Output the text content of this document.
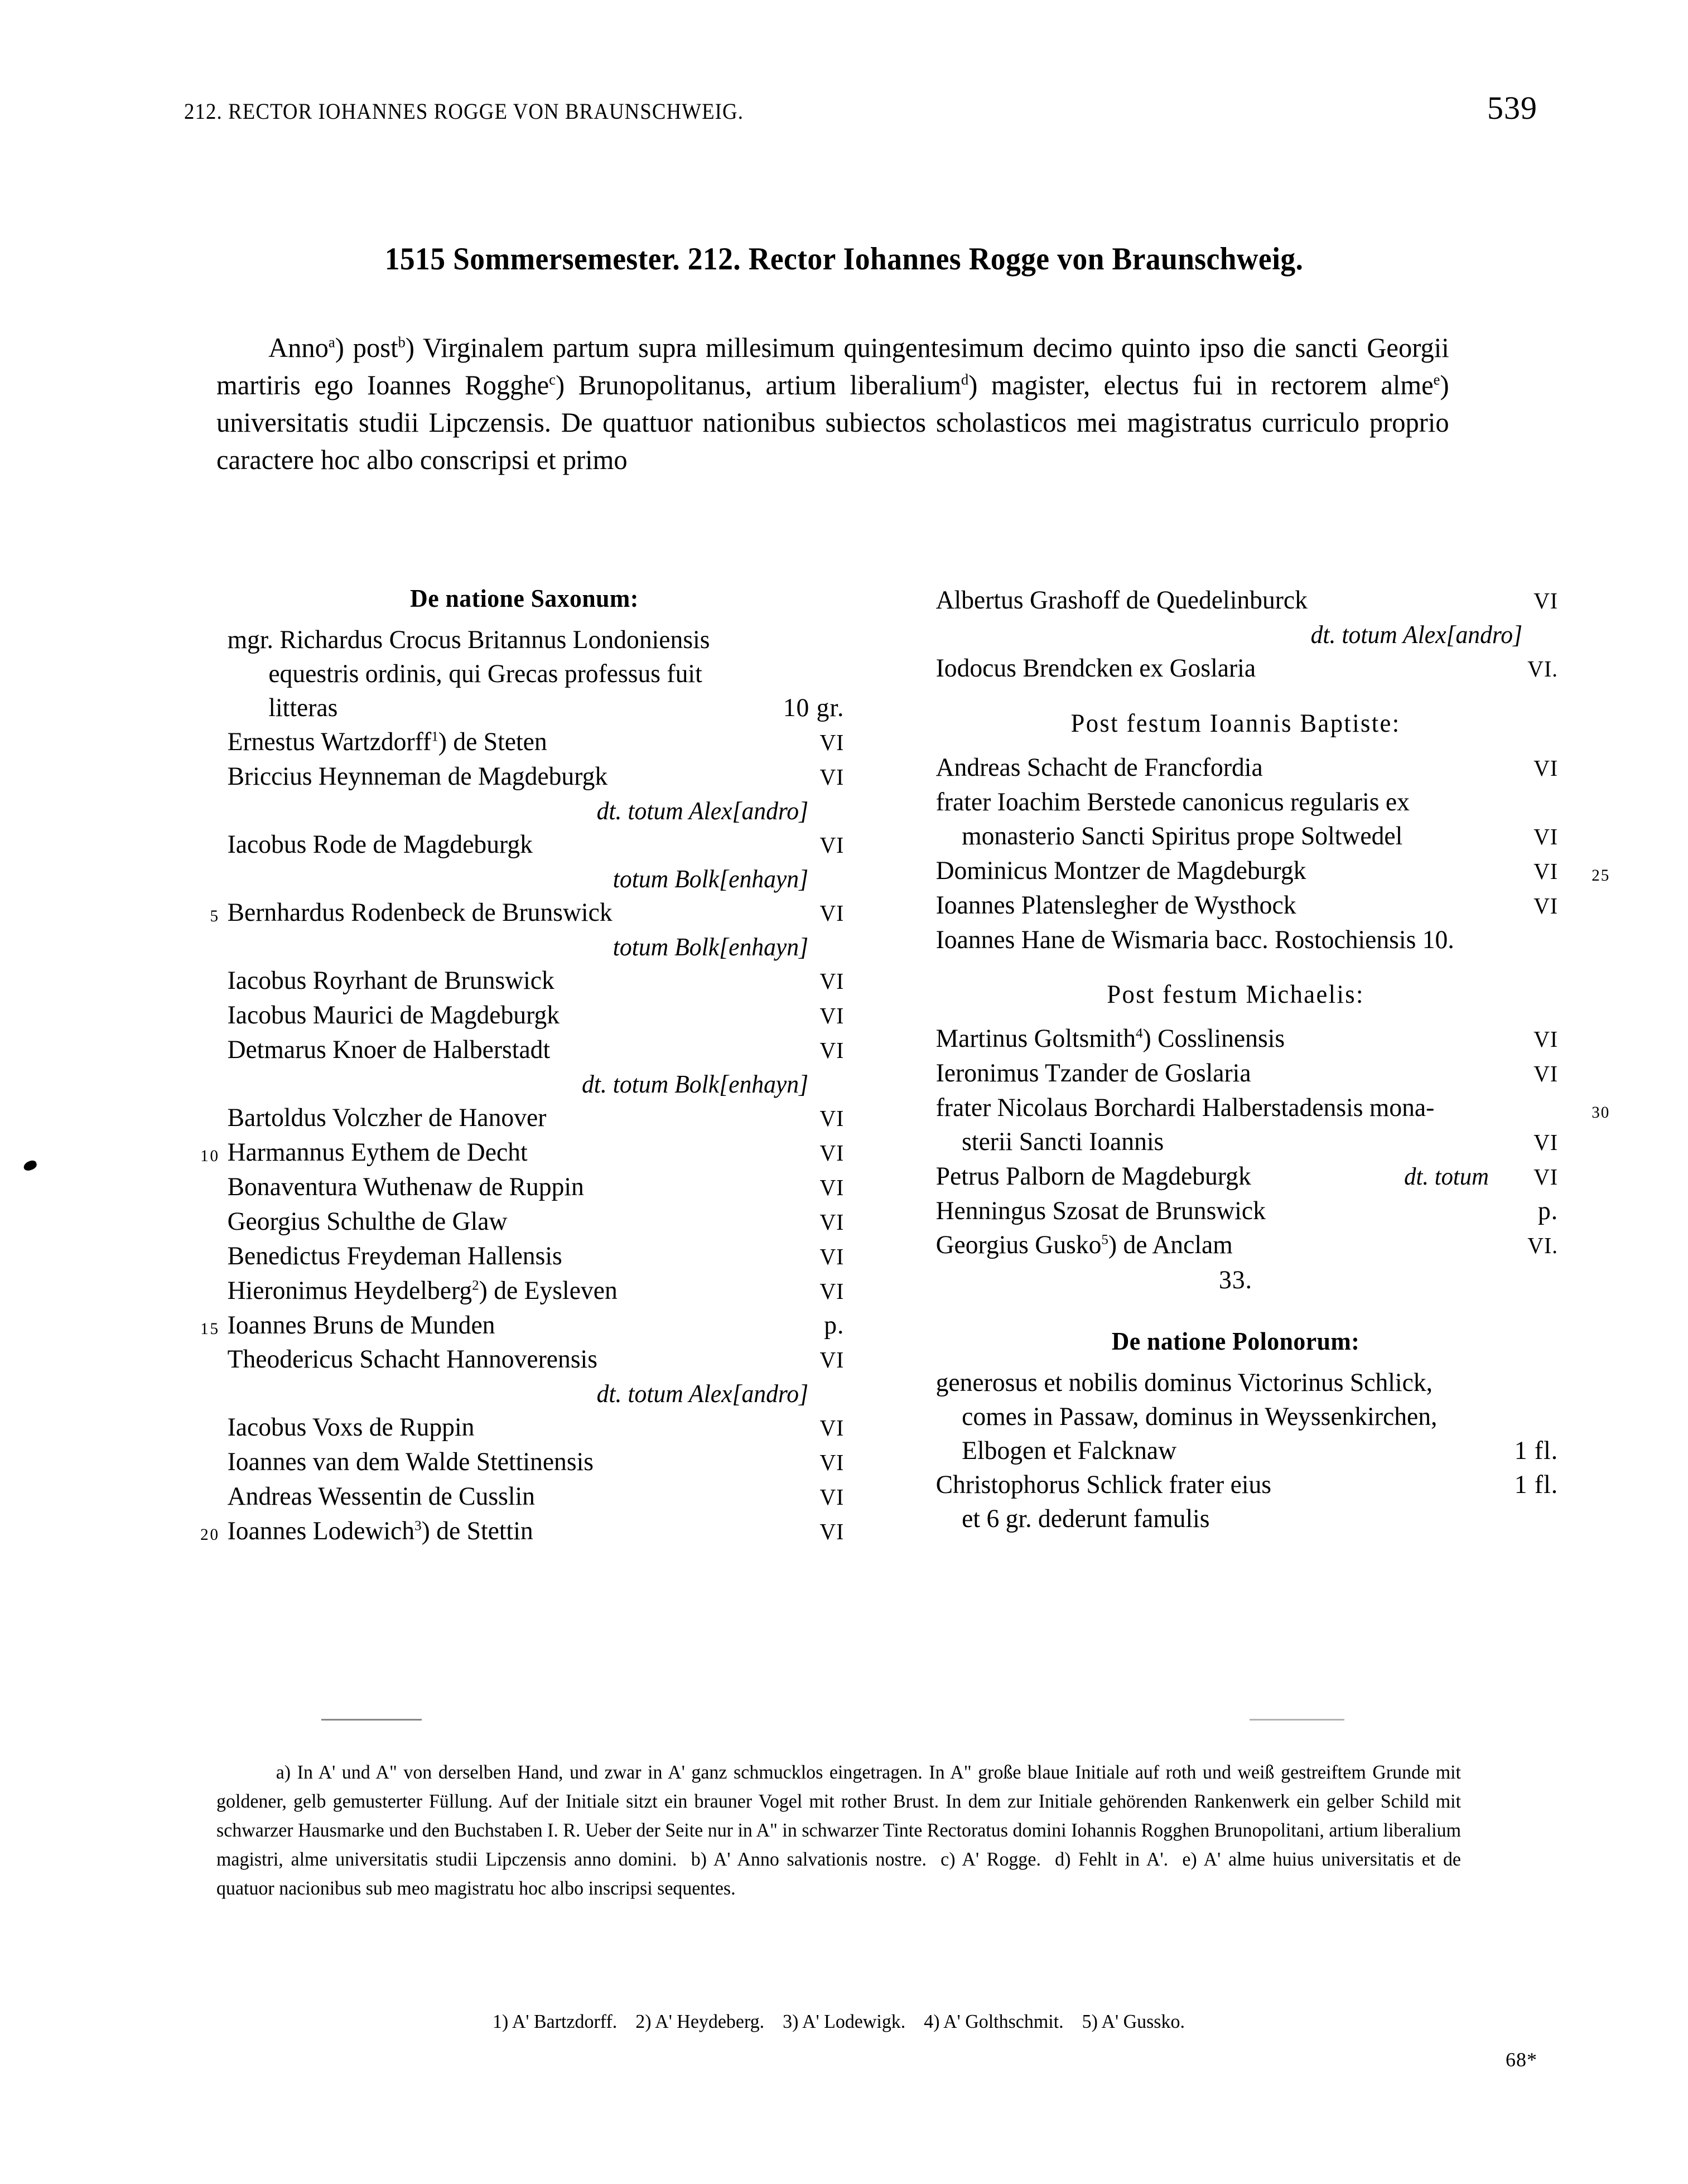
212. RECTOR IOHANNES ROGGE VON BRAUNSCHWEIG.	539
1515 Sommersemester. 212. Rector Iohannes Rogge von Braunschweig.
Anno$^a$) post$^b$) Virginalem partum supra millesimum quingentesimum decimo quinto ipso die sancti Georgii martiris ego Ioannes Rogghe$^c$) Brunopolitanus, artium liberalium$^d$) magister, electus fui in rectorem alme$^e$) universitatis studii Lipczensis. De quattuor nationibus subiectos scholasticos mei magistratus curriculo proprio caractere hoc albo conscripsi et primo
De natione Saxonum:
mgr. Richardus Crocus Britannus Londoniensis
equestris ordinis, qui Grecas professus fuit
litteras	10 gr.
Ernestus Wartzdorff$^1$) de Steten	VI
Briccius Heynneman de Magdeburgk	VI
dt. totum Alex[andro]
Iacobus Rode de Magdeburgk	VI
totum Bolk[enhayn]
5 Bernhardus Rodenbeck de Brunswick	VI
totum Bolk[enhayn]
Iacobus Royrhant de Brunswick	VI
Iacobus Maurici de Magdeburgk	VI
Detmarus Knoer de Halberstadt	VI
dt. totum Bolk[enhayn]
Bartoldus Volczher de Hanover	VI
10 Harmannus Eythem de Decht	VI
Bonaventura Wuthenaw de Ruppin	VI
Georgius Schulthe de Glaw	VI
Benedictus Freydeman Hallensis	VI
Hieronimus Heydelberg$^2$) de Eysleven	VI
15 Ioannes Bruns de Munden	p.
Theodericus Schacht Hannoverensis	VI
dt. totum Alex[andro]
Iacobus Voxs de Ruppin	VI
Ioannes van dem Walde Stettinensis	VI
Andreas Wessentin de Cusslin	VI
20 Ioannes Lodewich$^3$) de Stettin	VI
Albertus Grashoff de Quedelinburck	VI
dt. totum Alex[andro]
Iodocus Brendcken ex Goslaria	VI.
Post festum Ioannis Baptiste:
Andreas Schacht de Francfordia	VI
frater Ioachim Berstede canonicus regularis ex
monasterio Sancti Spiritus prope Soltwedel	VI
Dominicus Montzer de Magdeburgk	VI 25
Ioannes Platenslegher de Wysthock	VI
Ioannes Hane de Wismaria bacc. Rostochiensis 10.
Post festum Michaelis:
Martinus Goltsmith$^4$) Cosslinensis	VI
Ieronimus Tzander de Goslaria	VI
frater Nicolaus Borchardi Halberstadensis mona-	30
sterii Sancti Ioannis	VI
Petrus Palborn de Magdeburgk	dt. totum	VI
Henningus Szosat de Brunswick	p.
Georgius Gusko$^5$) de Anclam	VI.
33.
De natione Polonorum:
generosus et nobilis dominus Victorinus Schlick,
comes in Passaw, dominus in Weyssenkirchen,
Elbogen et Falcknaw	1 fl.
Christophorus Schlick frater eius	1 fl.
et 6 gr. dederunt famulis
a) In A' und A" von derselben Hand, und zwar in A' ganz schmucklos eingetragen. In A" große blaue Initiale auf roth und weiß gestreiftem Grunde mit goldener, gelb gemusterter Füllung. Auf der Initiale sitzt ein brauner Vogel mit rother Brust. In dem zur Initiale gehörenden Rankenwerk ein gelber Schild mit schwarzer Hausmarke und den Buchstaben I. R. Ueber der Seite nur in A" in schwarzer Tinte Rectoratus domini Iohannis Rogghen Brunopolitani, artium liberalium magistri, alme universitatis studii Lipczensis anno domini. b) A' Anno salvationis nostre. c) A' Rogge. d) Fehlt in A'. e) A' alme huius universitatis et de quatuor nacionibus sub meo magistratu hoc albo inscripsi sequentes.
1) A' Bartzdorff. 2) A' Heydeberg. 3) A' Lodewigk. 4) A' Golthschmit. 5) A' Gussko.
68*
